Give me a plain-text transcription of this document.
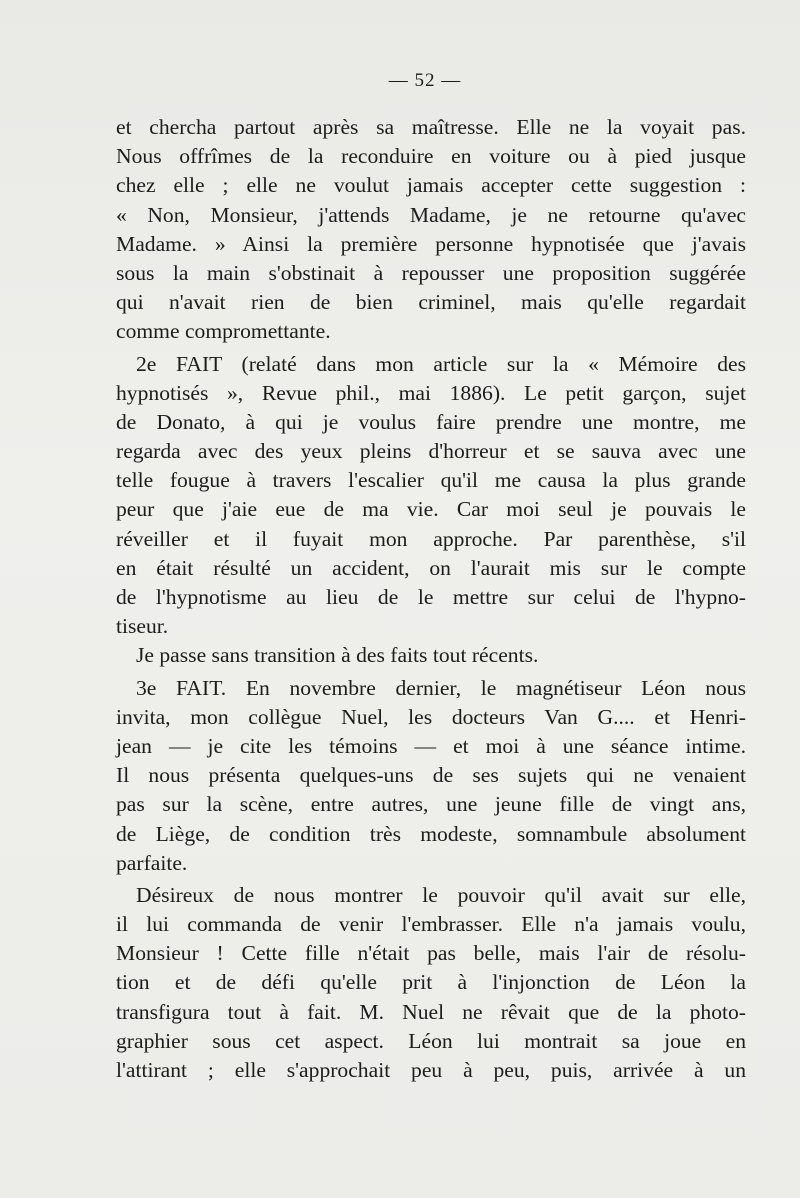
— 52 —
et chercha partout après sa maîtresse. Elle ne la voyait pas.
Nous offrîmes de la reconduire en voiture ou à pied jusque
chez elle ; elle ne voulut jamais accepter cette suggestion :
« Non, Monsieur, j'attends Madame, je ne retourne qu'avec
Madame. » Ainsi la première personne hypnotisée que j'avais
sous la main s'obstinait à repousser une proposition suggérée
qui n'avait rien de bien criminel, mais qu'elle regardait
comme compromettante.
2e FAIT (relaté dans mon article sur la « Mémoire des
hypnotisés », Revue phil., mai 1886). Le petit garçon, sujet
de Donato, à qui je voulus faire prendre une montre, me
regarda avec des yeux pleins d'horreur et se sauva avec une
telle fougue à travers l'escalier qu'il me causa la plus grande
peur que j'aie eue de ma vie. Car moi seul je pouvais le
réveiller et il fuyait mon approche. Par parenthèse, s'il
en était résulté un accident, on l'aurait mis sur le compte
de l'hypnotisme au lieu de le mettre sur celui de l'hypno-
tiseur.
Je passe sans transition à des faits tout récents.
3e FAIT. En novembre dernier, le magnétiseur Léon nous
invita, mon collègue Nuel, les docteurs Van G.... et Henri-
jean — je cite les témoins — et moi à une séance intime.
Il nous présenta quelques-uns de ses sujets qui ne venaient
pas sur la scène, entre autres, une jeune fille de vingt ans,
de Liège, de condition très modeste, somnambule absolument
parfaite.
Désireux de nous montrer le pouvoir qu'il avait sur elle,
il lui commanda de venir l'embrasser. Elle n'a jamais voulu,
Monsieur ! Cette fille n'était pas belle, mais l'air de résolu-
tion et de défi qu'elle prit à l'injonction de Léon la
transfigura tout à fait. M. Nuel ne rêvait que de la photo-
graphier sous cet aspect. Léon lui montrait sa joue en
l'attirant ; elle s'approchait peu à peu, puis, arrivée à un
